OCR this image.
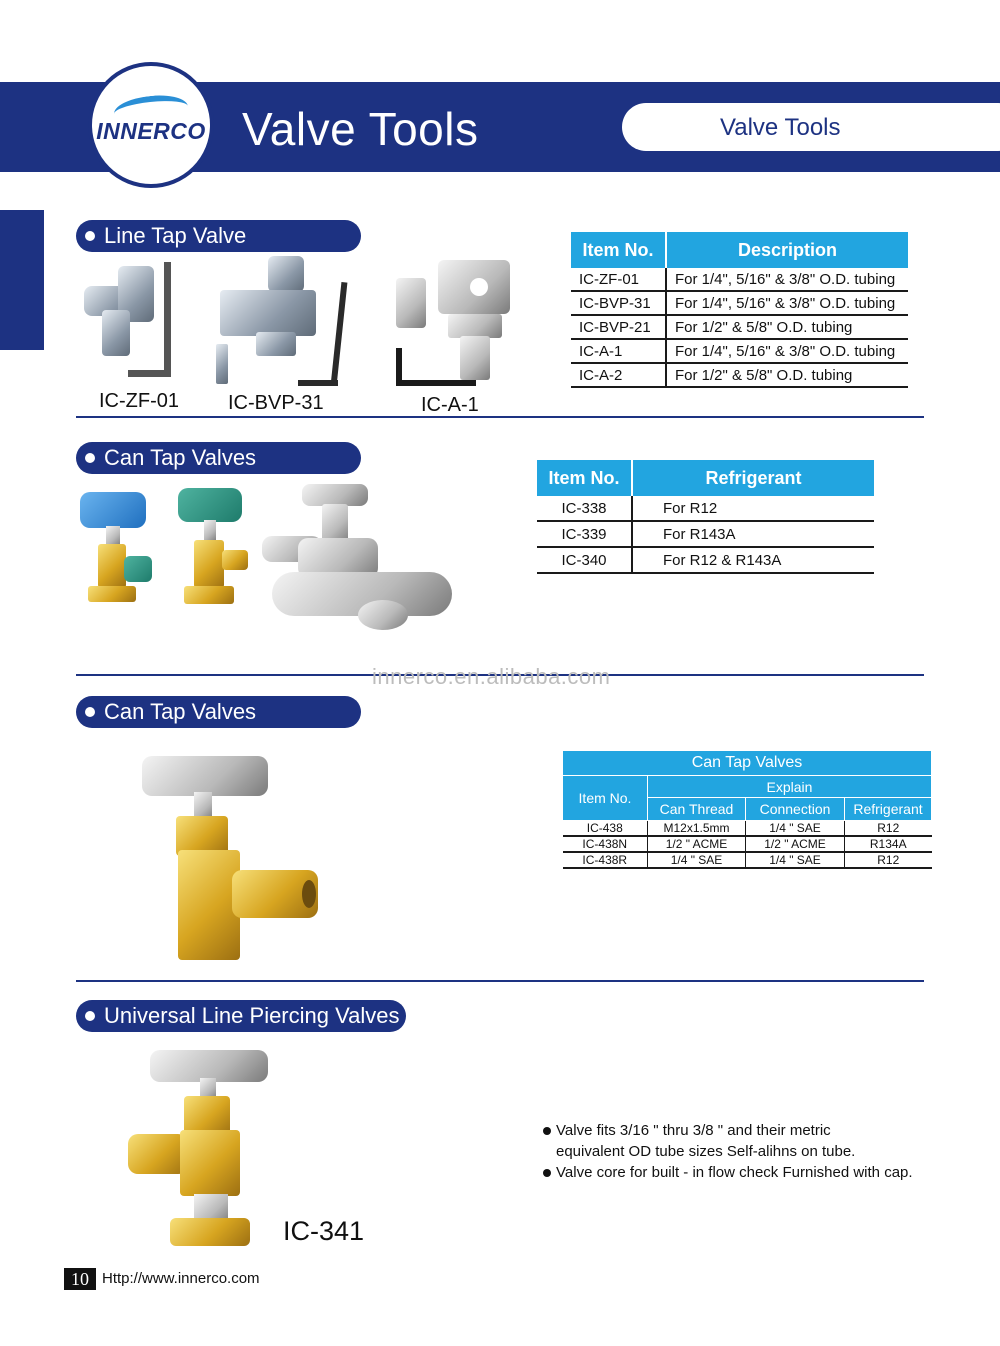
INNERCO Valve Tools	Valve Tools
Line Tap Valve
IC-ZF-01 IC-BVP-31	IC-A-1
Item No.	Description
IC-ZF-01	For 1/4", 5/16" & 3/8" O.D. tubing
IC-BVP-31	For 1/4", 5/16" & 3/8" O.D. tubing
IC-BVP-21	For 1/2" & 5/8" O.D. tubing
IC-A-1	For 1/4", 5/16" & 3/8" O.D. tubing
IC-A-2	For 1/2" & 5/8" O.D. tubing
Can Tap Valves
Item No.	Refrigerant
IC-338	For R12
IC-339	For R143A
IC-340	For R12 & R143A
innerco.en.alibaba.com
Can Tap Valves
Can Tap Valves			
Item No.	Explain		
	Can Thread	Connection	Refrigerant
IC-438	M12x1.5mm	1/4 " SAE	R12
IC-438N	1/2 " ACME	1/2 " ACME	R134A
IC-438R	1/4 " SAE	1/4 " SAE	R12
Universal Line Piercing Valves
IC-341
Valve fits 3/16 " thru 3/8 " and their metric
equivalent OD tube sizes Self-alihns on tube.
Valve core for built - in flow check Furnished with cap.
10 Http://www.innerco.com
